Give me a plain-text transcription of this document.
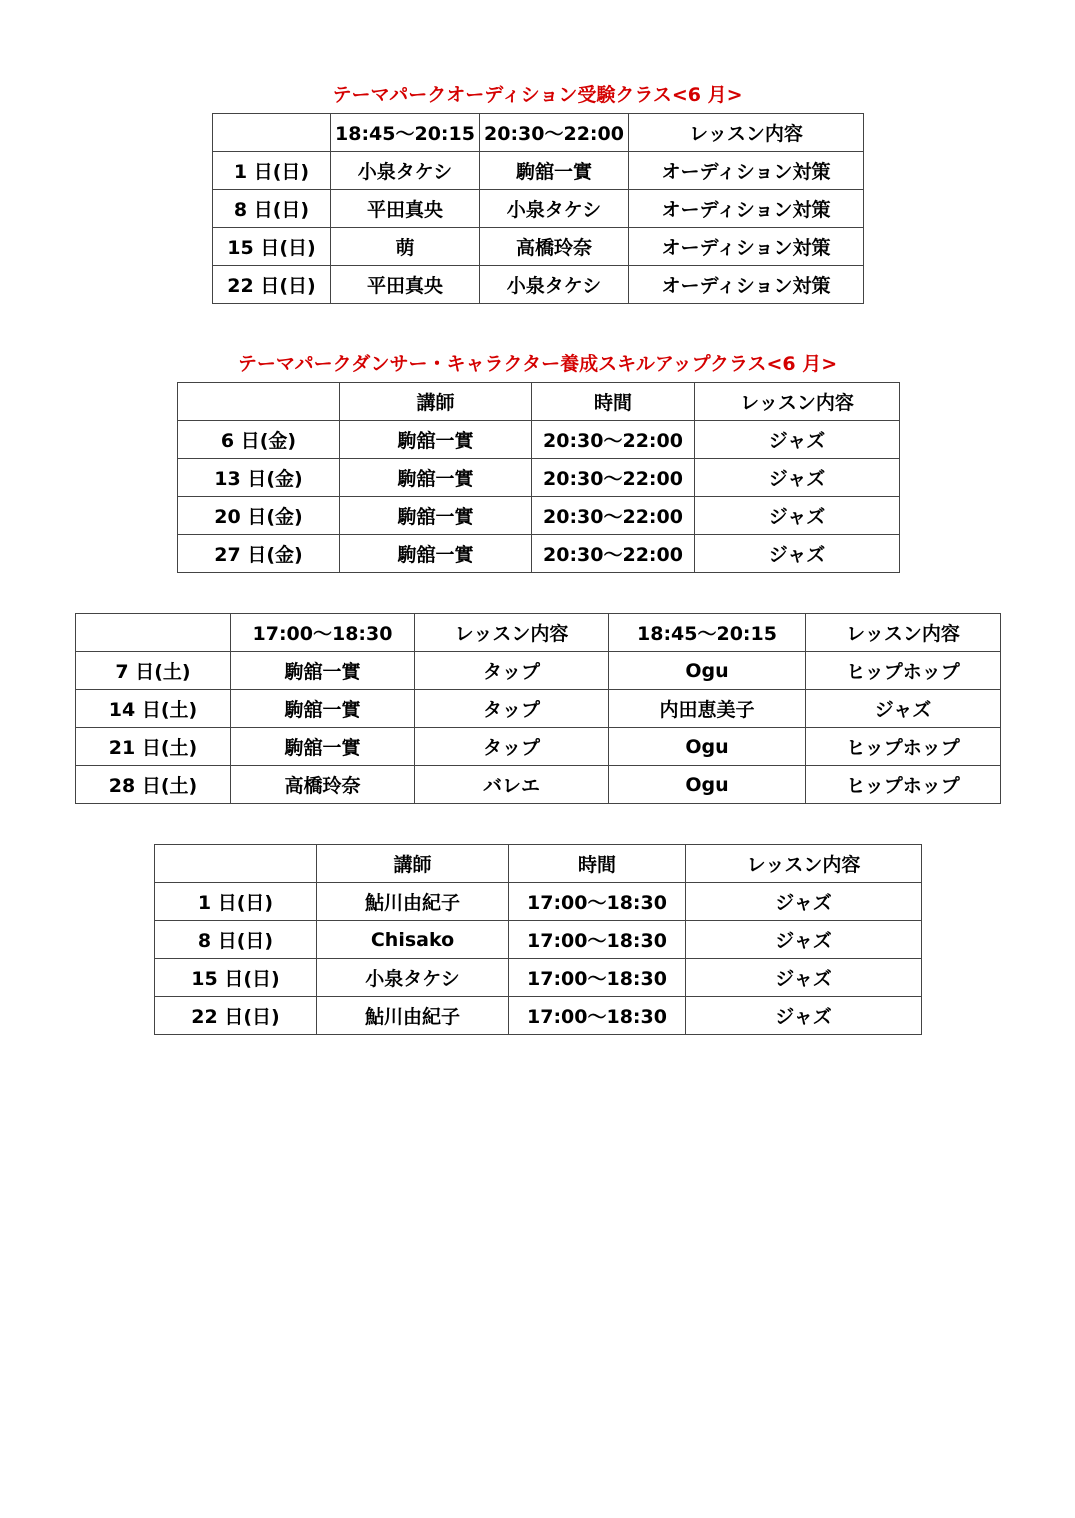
テーマパークオーディション受験クラス<6 月>
	18:45～20:15	20:30～22:00	レッスン内容
1 日(日)	小泉タケシ	駒舘一實	オーディション対策
8 日(日)	平田真央	小泉タケシ	オーディション対策
15 日(日)	萌	高橋玲奈	オーディション対策
22 日(日)	平田真央	小泉タケシ	オーディション対策
テーマパークダンサー・キャラクター養成スキルアップクラス<6 月>
	講師	時間	レッスン内容
6 日(金)	駒舘一實	20:30～22:00	ジャズ
13 日(金)	駒舘一實	20:30～22:00	ジャズ
20 日(金)	駒舘一實	20:30～22:00	ジャズ
27 日(金)	駒舘一實	20:30～22:00	ジャズ
	17:00～18:30	レッスン内容	18:45～20:15	レッスン内容
7 日(土)	駒舘一實	タップ	Ogu	ヒップホップ
14 日(土)	駒舘一實	タップ	内田恵美子	ジャズ
21 日(土)	駒舘一實	タップ	Ogu	ヒップホップ
28 日(土)	高橋玲奈	バレエ	Ogu	ヒップホップ
	講師	時間	レッスン内容
1 日(日)	鮎川由紀子	17:00～18:30	ジャズ
8 日(日)	Chisako	17:00～18:30	ジャズ
15 日(日)	小泉タケシ	17:00～18:30	ジャズ
22 日(日)	鮎川由紀子	17:00～18:30	ジャズ
